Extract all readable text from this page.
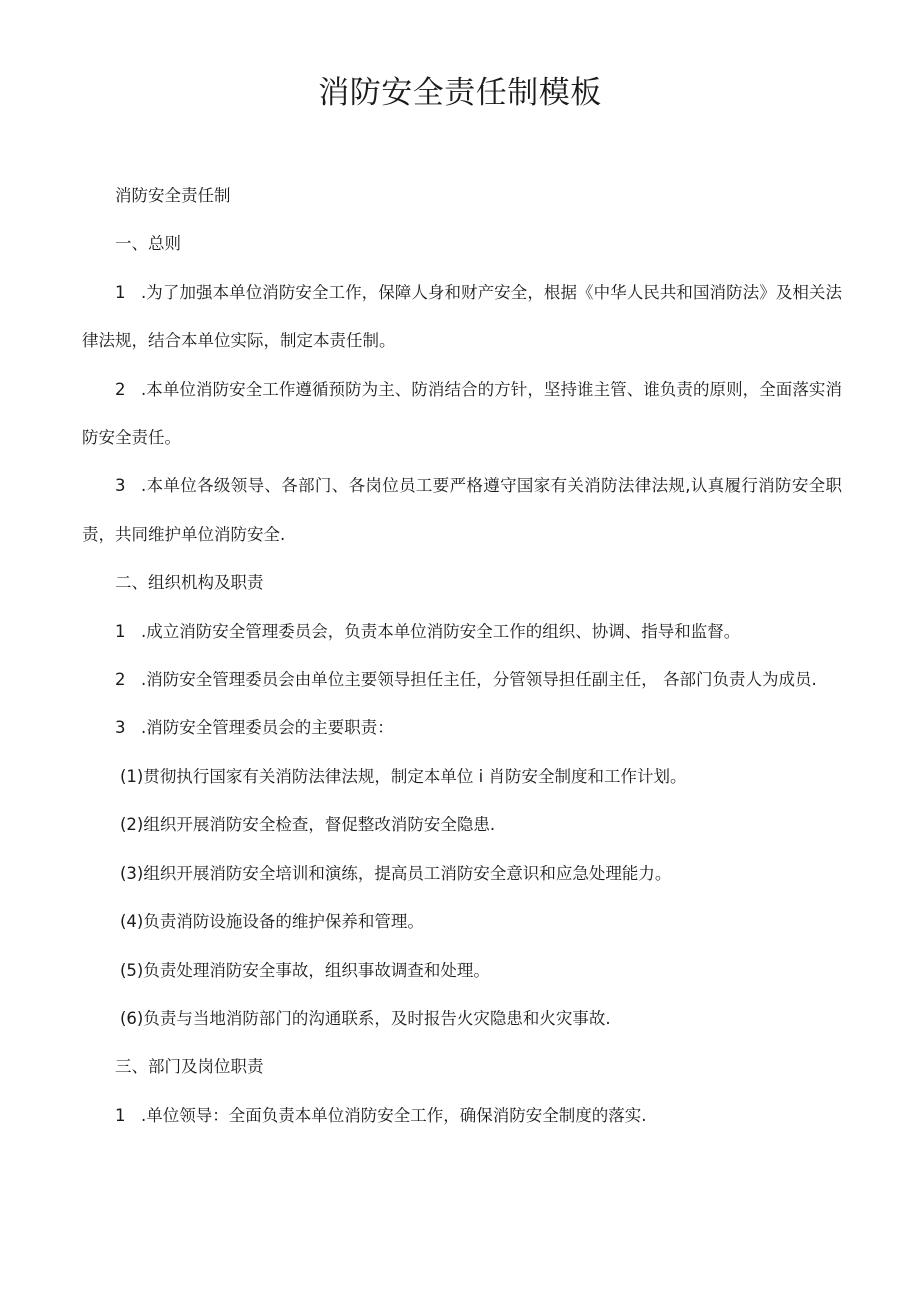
消防安全责任制模板

消防安全责任制

一、总则

1 .为了加强本单位消防安全工作，保障人身和财产安全，根据《中华人民共和国消防法》及相关法律法规，结合本单位实际，制定本责任制。

2 .本单位消防安全工作遵循预防为主、防消结合的方针，坚持谁主管、谁负责的原则，全面落实消防安全责任。

3 .本单位各级领导、各部门、各岗位员工要严格遵守国家有关消防法律法规,认真履行消防安全职责，共同维护单位消防安全.

二、组织机构及职责

1 .成立消防安全管理委员会，负责本单位消防安全工作的组织、协调、指导和监督。

2 .消防安全管理委员会由单位主要领导担任主任，分管领导担任副主任， 各部门负责人为成员.

3 .消防安全管理委员会的主要职责：

(1)贯彻执行国家有关消防法律法规，制定本单位 i 肖防安全制度和工作计划。

(2)组织开展消防安全检查，督促整改消防安全隐患.

(3)组织开展消防安全培训和演练，提高员工消防安全意识和应急处理能力。

(4)负责消防设施设备的维护保养和管理。

(5)负责处理消防安全事故，组织事故调查和处理。

(6)负责与当地消防部门的沟通联系，及时报告火灾隐患和火灾事故.

三、部门及岗位职责

1 .单位领导：全面负责本单位消防安全工作，确保消防安全制度的落实.
